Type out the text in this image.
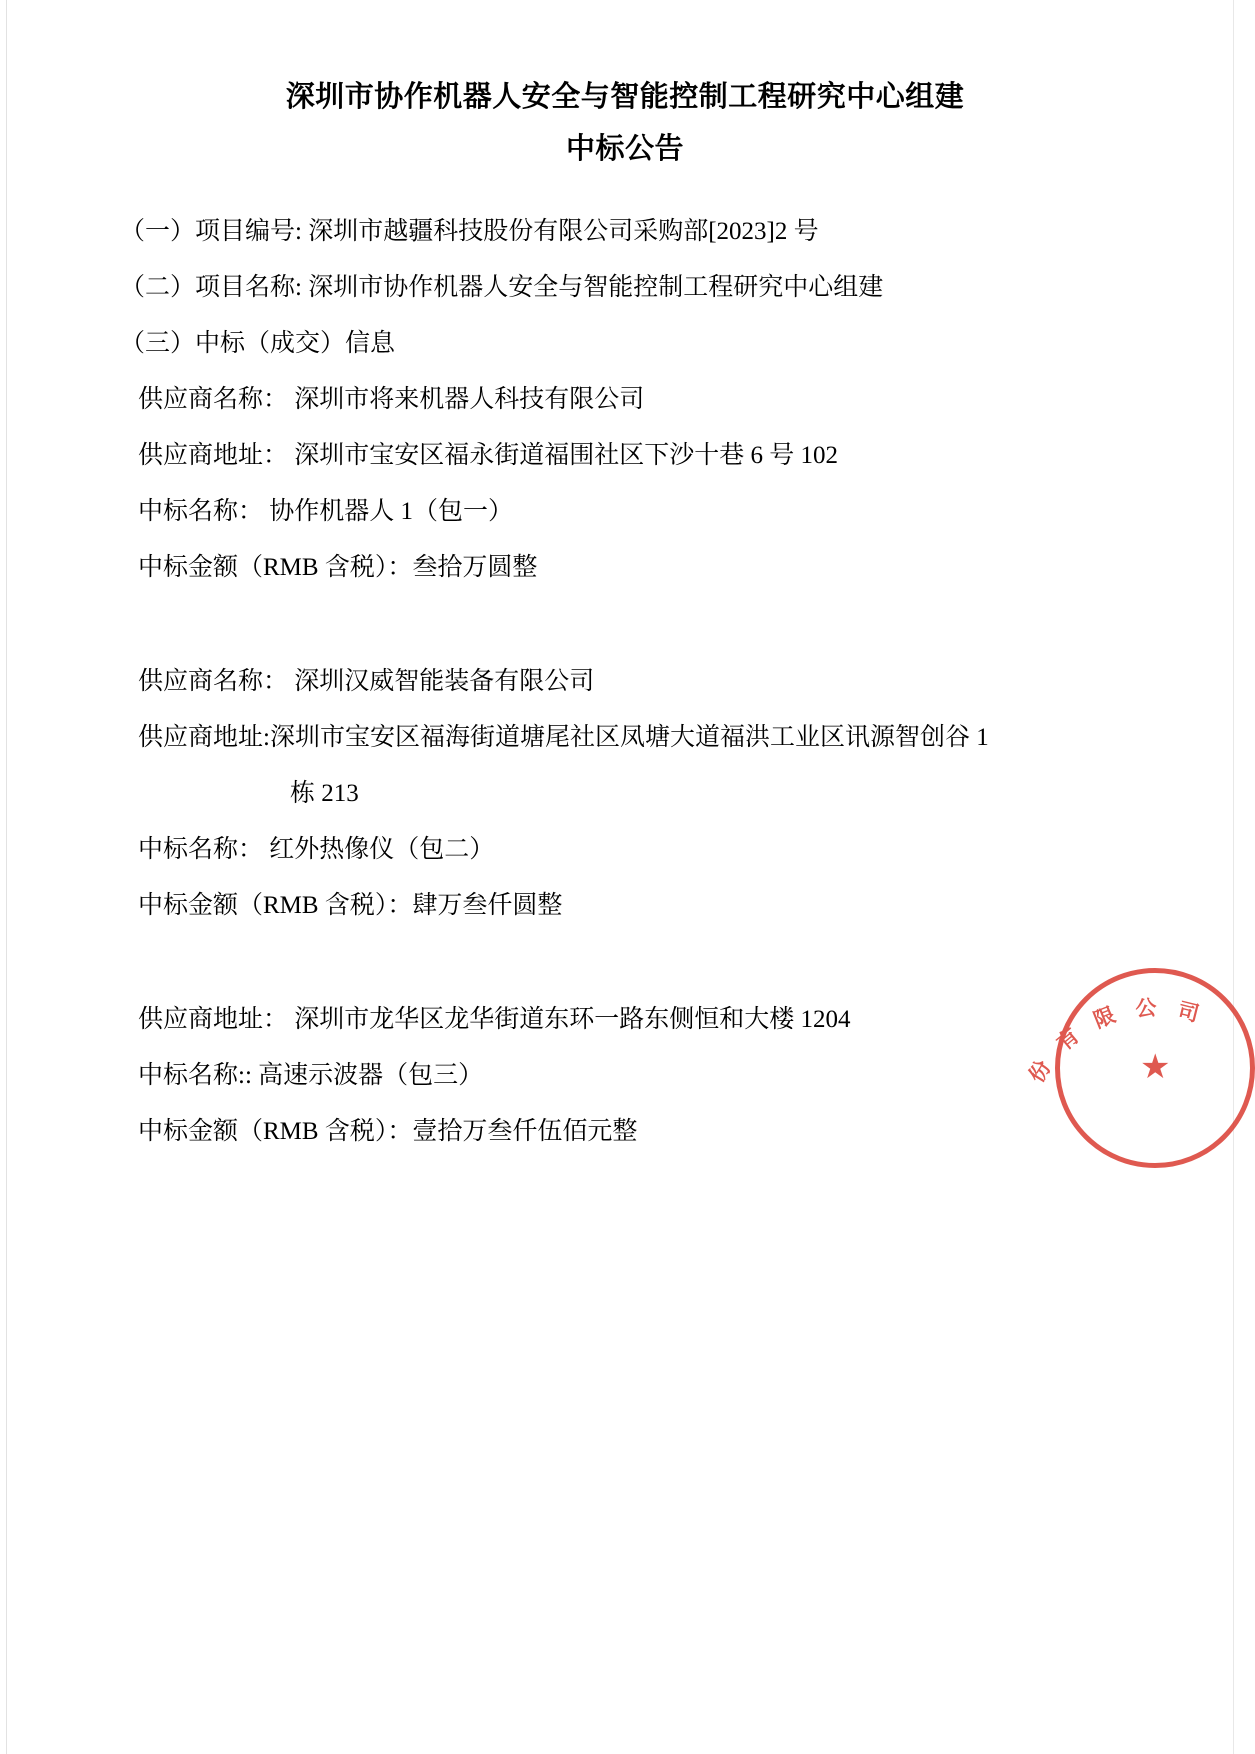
深圳市协作机器人安全与智能控制工程研究中心组建
中标公告

（一）项目编号: 深圳市越疆科技股份有限公司采购部[2023]2 号

（二）项目名称: 深圳市协作机器人安全与智能控制工程研究中心组建

（三）中标（成交）信息

供应商名称： 深圳市将来机器人科技有限公司

供应商地址： 深圳市宝安区福永街道福围社区下沙十巷 6 号 102

中标名称： 协作机器人 1（包一）

中标金额（RMB 含税）：叁拾万圆整

供应商名称： 深圳汉威智能装备有限公司

供应商地址:深圳市宝安区福海街道塘尾社区凤塘大道福洪工业区讯源智创谷 1

栋 213

中标名称： 红外热像仪（包二）

中标金额（RMB 含税）：肆万叁仟圆整

供应商地址： 深圳市龙华区龙华街道东环一路东侧恒和大楼 1204

中标名称:: 高速示波器（包三）

中标金额（RMB 含税）：壹拾万叁仟伍佰元整

份
有
限 公 司
★
